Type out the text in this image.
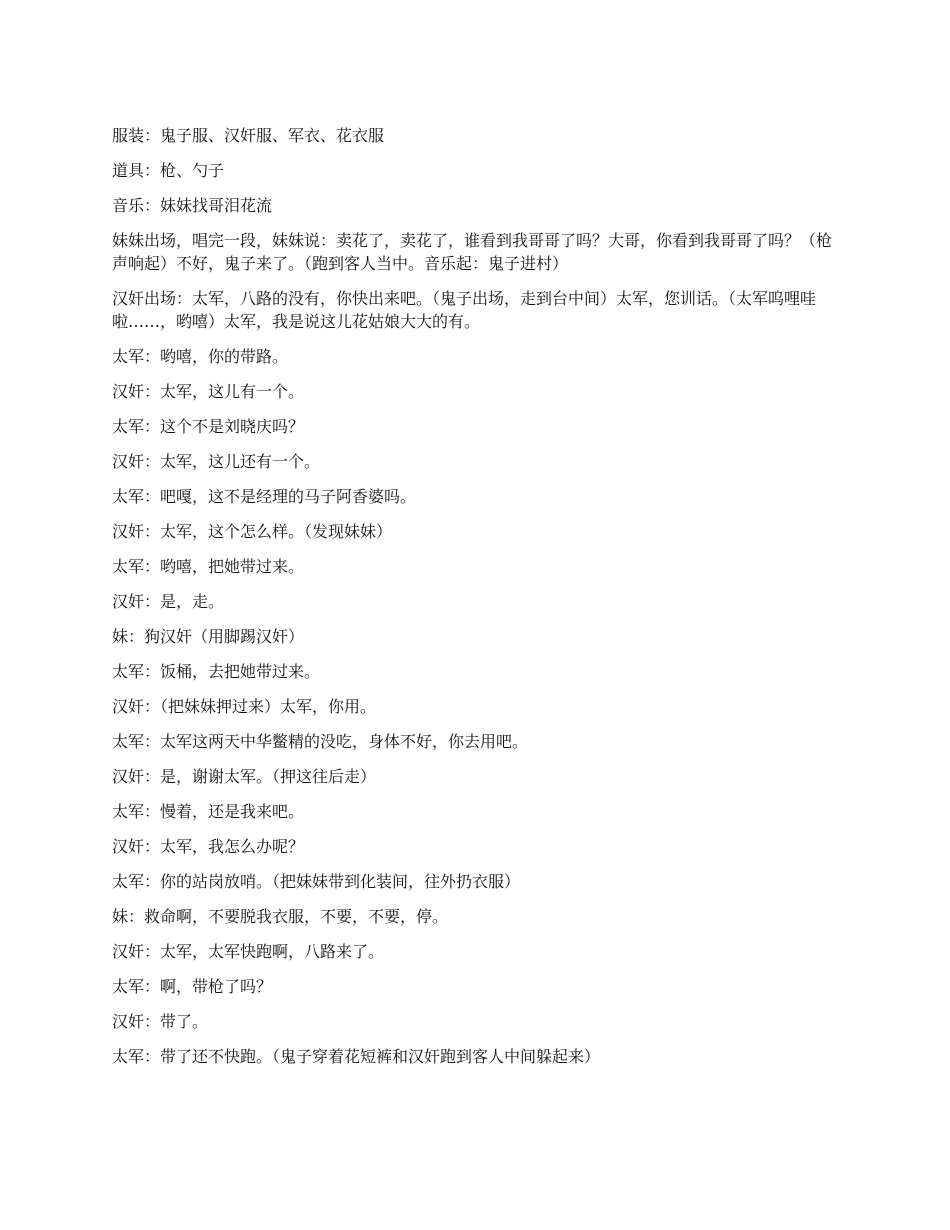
服装：鬼子服、汉奸服、军衣、花衣服

道具：枪、勺子

音乐：妹妹找哥泪花流

妹妹出场，唱完一段，妹妹说：卖花了，卖花了，谁看到我哥哥了吗？大哥，你看到我哥哥了吗？（枪声响起）不好，鬼子来了。（跑到客人当中。音乐起：鬼子进村）

汉奸出场：太军，八路的没有，你快出来吧。（鬼子出场，走到台中间）太军，您训话。（太军呜哩哇啦……，哟嘻）太军，我是说这儿花姑娘大大的有。

太军：哟嘻，你的带路。

汉奸：太军，这儿有一个。

太军：这个不是刘晓庆吗？

汉奸：太军，这儿还有一个。

太军：吧嘎，这不是经理的马子阿香婆吗。

汉奸：太军，这个怎么样。（发现妹妹）

太军：哟嘻，把她带过来。

汉奸：是，走。

妹：狗汉奸（用脚踢汉奸）

太军：饭桶，去把她带过来。

汉奸：（把妹妹押过来）太军，你用。

太军：太军这两天中华鳖精的没吃，身体不好，你去用吧。

汉奸：是，谢谢太军。（押这往后走）

太军：慢着，还是我来吧。

汉奸：太军，我怎么办呢？

太军：你的站岗放哨。（把妹妹带到化装间，往外扔衣服）

妹：救命啊，不要脱我衣服，不要，不要，停。

汉奸：太军，太军快跑啊，八路来了。

太军：啊，带枪了吗？

汉奸：带了。

太军：带了还不快跑。（鬼子穿着花短裤和汉奸跑到客人中间躲起来）
